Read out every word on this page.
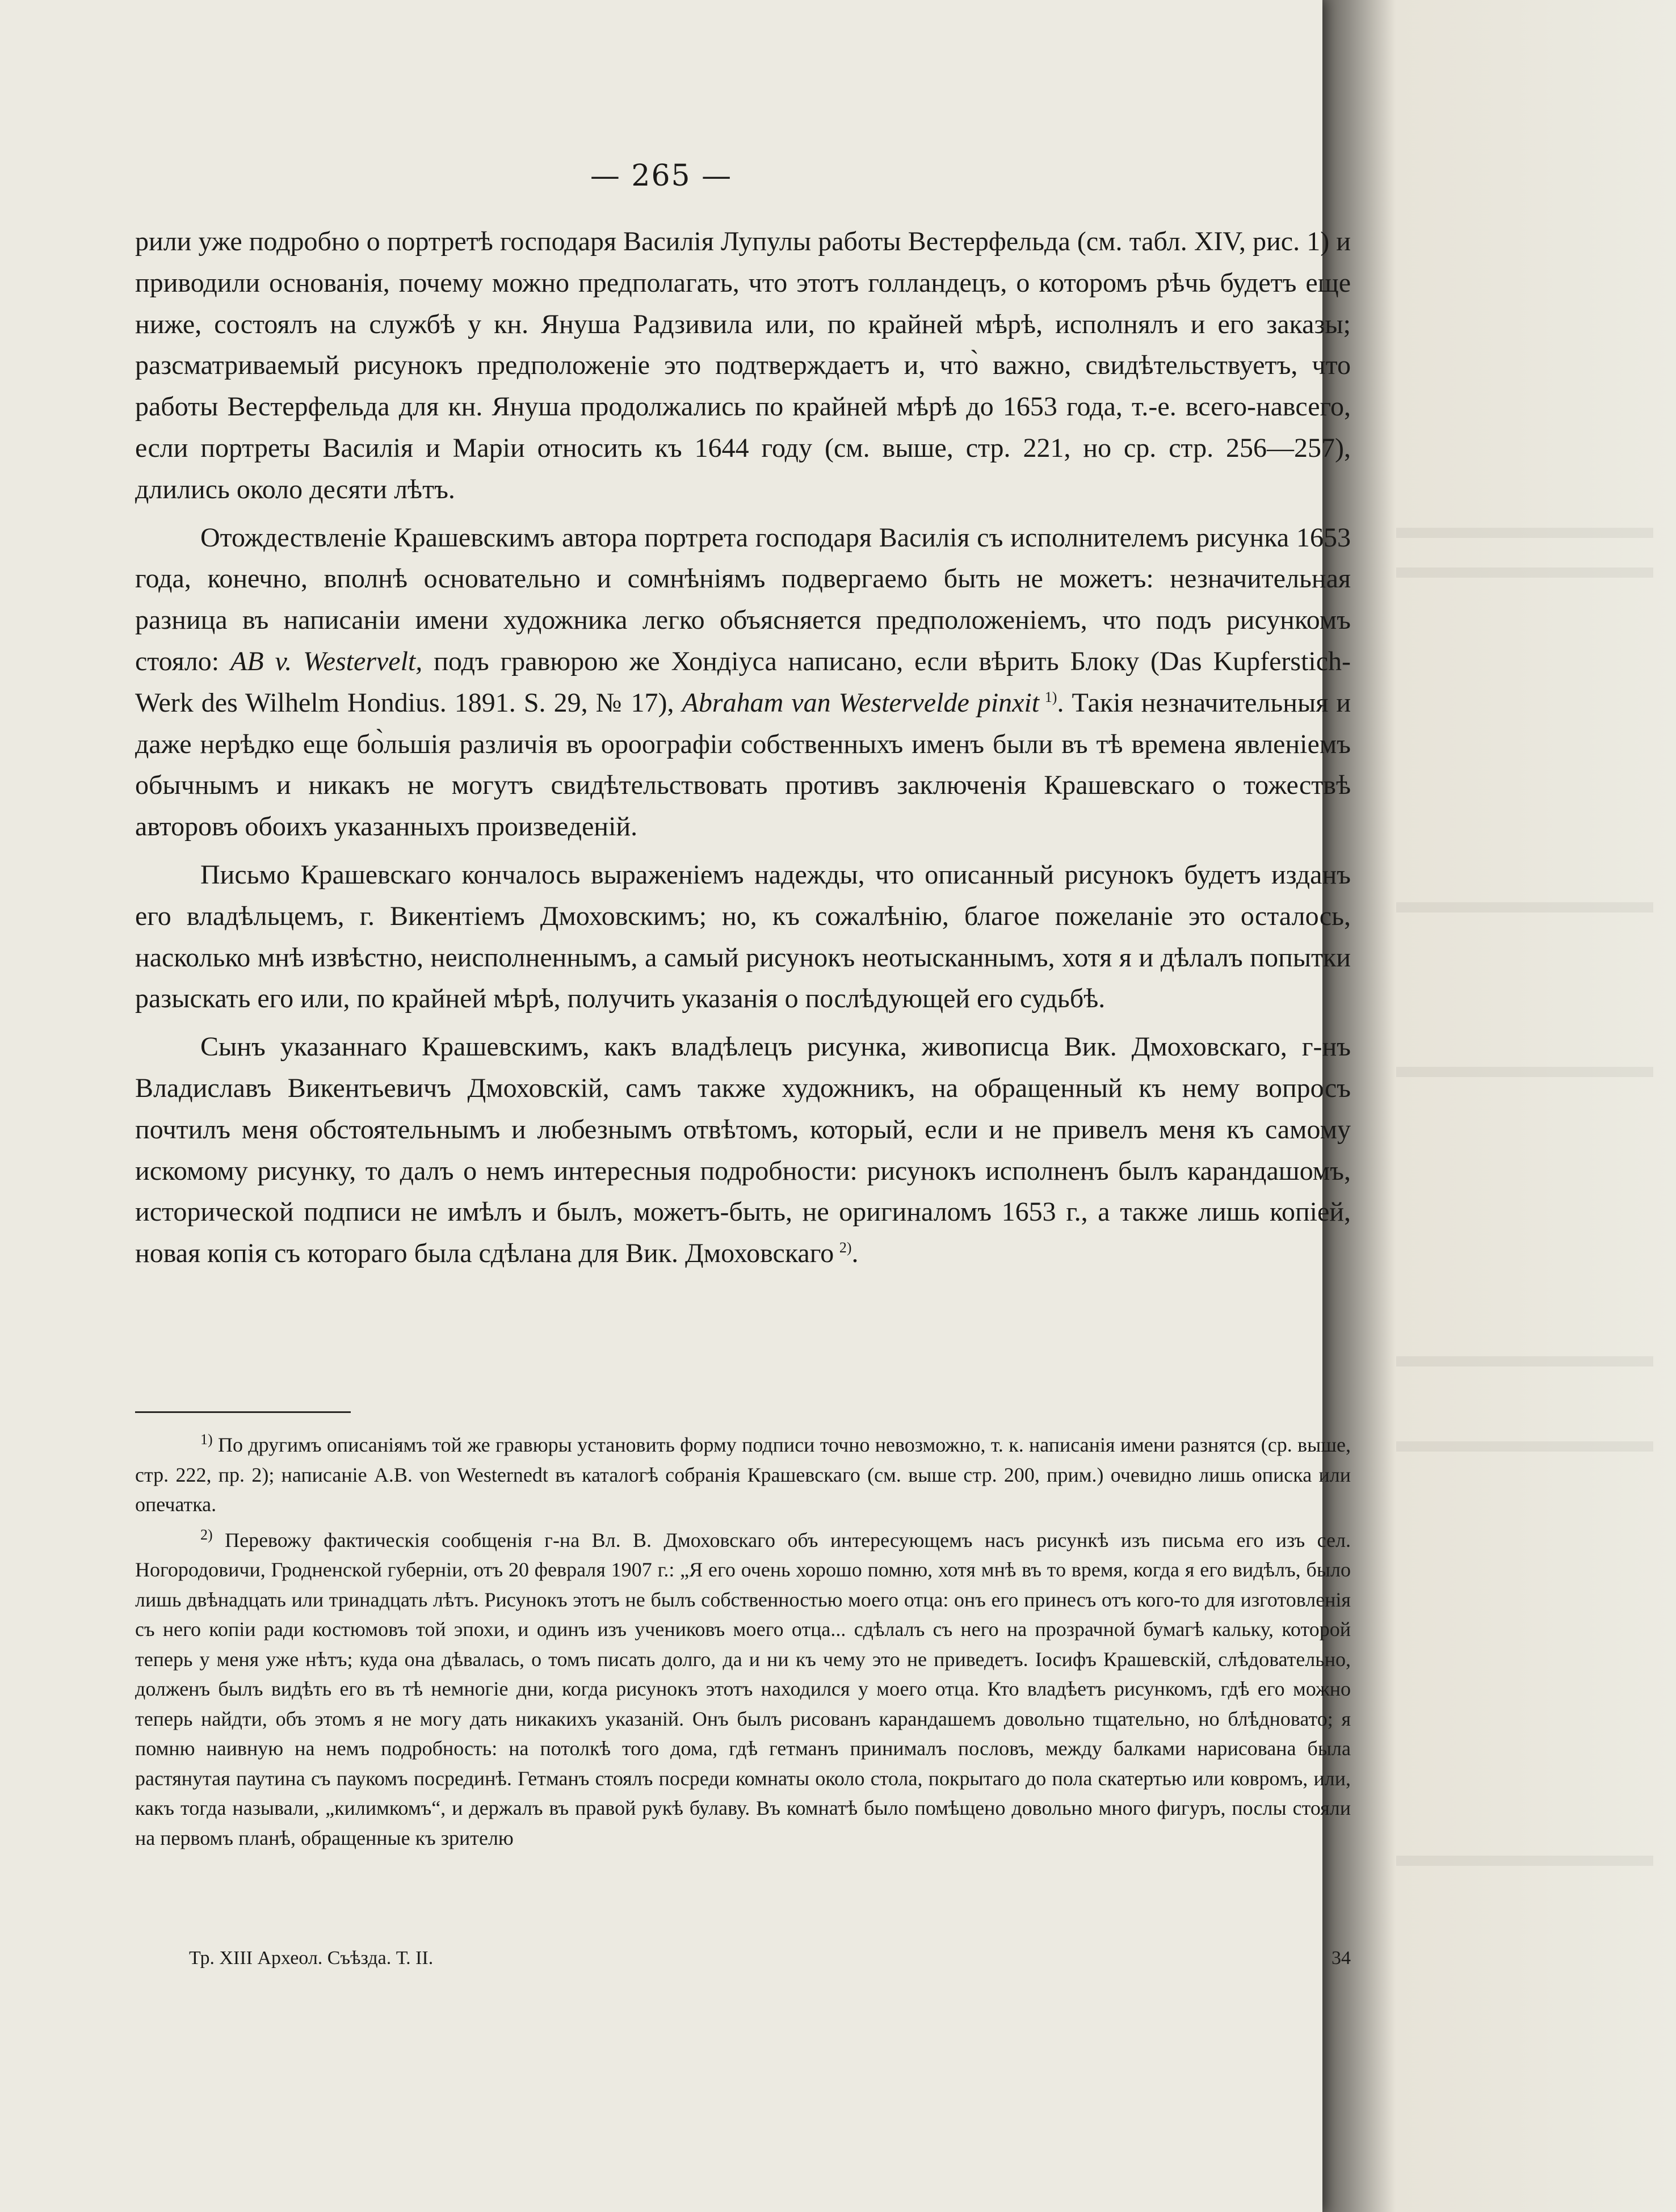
— 265 —

рили уже подробно о портретѣ господаря Василія Лупулы работы Вестерфельда (см. табл. XIV, рис. 1) и приводили основанія, почему можно предполагать, что этотъ голландецъ, о которомъ рѣчь будетъ еще ниже, состоялъ на службѣ у кн. Януша Радзивила или, по крайней мѣрѣ, исполнялъ и его заказы; разсматриваемый рисунокъ предположеніе это подтверждаетъ и, что̀ важно, свидѣтельствуетъ, что работы Вестерфельда для кн. Януша продолжались по крайней мѣрѣ до 1653 года, т.-е. всего-навсего, если портреты Василія и Маріи относить къ 1644 году (см. выше, стр. 221, но ср. стр. 256—257), длились около десяти лѣтъ.

Отождествленіе Крашевскимъ автора портрета господаря Василія съ исполнителемъ рисунка 1653 года, конечно, вполнѣ основательно и сомнѣніямъ подвергаемо быть не можетъ: незначительная разница въ написаніи имени художника легко объясняется предположеніемъ, что подъ рисункомъ стояло: AB v. Westervelt, подъ гравюрою же Хондіуса написано, если вѣрить Блоку (Das Kupferstich-Werk des Wilhelm Hondius. 1891. S. 29, № 17), Abraham van Westervelde pinxit  $^{1)}$. Такія незначительныя и даже нерѣдко еще бо̀льшія различія въ ороографіи собственныхъ именъ были въ тѣ времена явленіемъ обычнымъ и никакъ не могутъ свидѣтельствовать противъ заключенія Крашевскаго о тожествѣ авторовъ обоихъ указанныхъ произведеній.

Письмо Крашевскаго кончалось выраженіемъ надежды, что описанный рисунокъ будетъ изданъ его владѣльцемъ, г. Викентіемъ Дмоховскимъ; но, къ сожалѣнію, благое пожеланіе это осталось, насколько мнѣ извѣстно, неисполненнымъ, а самый рисунокъ неотысканнымъ, хотя я и дѣлалъ попытки разыскать его или, по крайней мѣрѣ, получить указанія о послѣдующей его судьбѣ.

Сынъ указаннаго Крашевскимъ, какъ владѣлецъ рисунка, живописца Вик. Дмоховскаго, г-нъ Владиславъ Викентьевичъ Дмоховскій, самъ также художникъ, на обращенный къ нему вопросъ почтилъ меня обстоятельнымъ и любезнымъ отвѣтомъ, который, если и не привелъ меня къ самому искомому рисунку, то далъ о немъ интересныя подробности: рисунокъ исполненъ былъ карандашомъ, исторической подписи не имѣлъ и былъ, можетъ-быть, не оригиналомъ 1653 г., а также лишь копіей, новая копія съ котораго была сдѣлана для Вик. Дмоховскаго  $^{2)}$.

$^{1)}$ По другимъ описаніямъ той же гравюры установить форму подписи точно невозможно, т. к. написанія имени разнятся (ср. выше, стр. 222, пр. 2); написаніе A.B. von Westernedt въ каталогѣ собранія Крашевскаго (см. выше стр. 200, прим.) очевидно лишь описка или опечатка.

$^{2)}$ Перевожу фактическія сообщенія г-на Вл. В. Дмоховскаго объ интересующемъ насъ рисункѣ изъ письма его изъ сел. Ногородовичи, Гродненской губерніи, отъ 20 февраля 1907 г.: „Я его очень хорошо помню, хотя мнѣ въ то время, когда я его видѣлъ, было лишь двѣнадцать или тринадцать лѣтъ. Рисунокъ этотъ не былъ собственностью моего отца: онъ его принесъ отъ кого-то для изготовленія съ него копіи ради костюмовъ той эпохи, и одинъ изъ учениковъ моего отца... сдѣлалъ съ него на прозрачной бумагѣ кальку, которой теперь у меня уже нѣтъ; куда она дѣвалась, о томъ писать долго, да и ни къ чему это не приведетъ. Іосифъ Крашевскій, слѣдовательно, долженъ былъ видѣть его въ тѣ немногіе дни, когда рисунокъ этотъ находился у моего отца. Кто владѣетъ рисункомъ, гдѣ его можно теперь найдти, объ этомъ я не могу дать никакихъ указаній. Онъ былъ рисованъ карандашемъ довольно тщательно, но блѣдновато; я помню наивную на немъ подробность: на потолкѣ того дома, гдѣ гетманъ принималъ пословъ, между балками нарисована была растянутая паутина съ паукомъ посрединѣ. Гетманъ стоялъ посреди комнаты около стола, покрытаго до пола скатертью или ковромъ, или, какъ тогда называли, „килимкомъ“, и держалъ въ правой рукѣ булаву. Въ комнатѣ было помѣщено довольно много фигуръ, послы стояли на первомъ планѣ, обращенные къ зрителю

Тр. XIII Археол. Съѣзда. Т. II.	34
